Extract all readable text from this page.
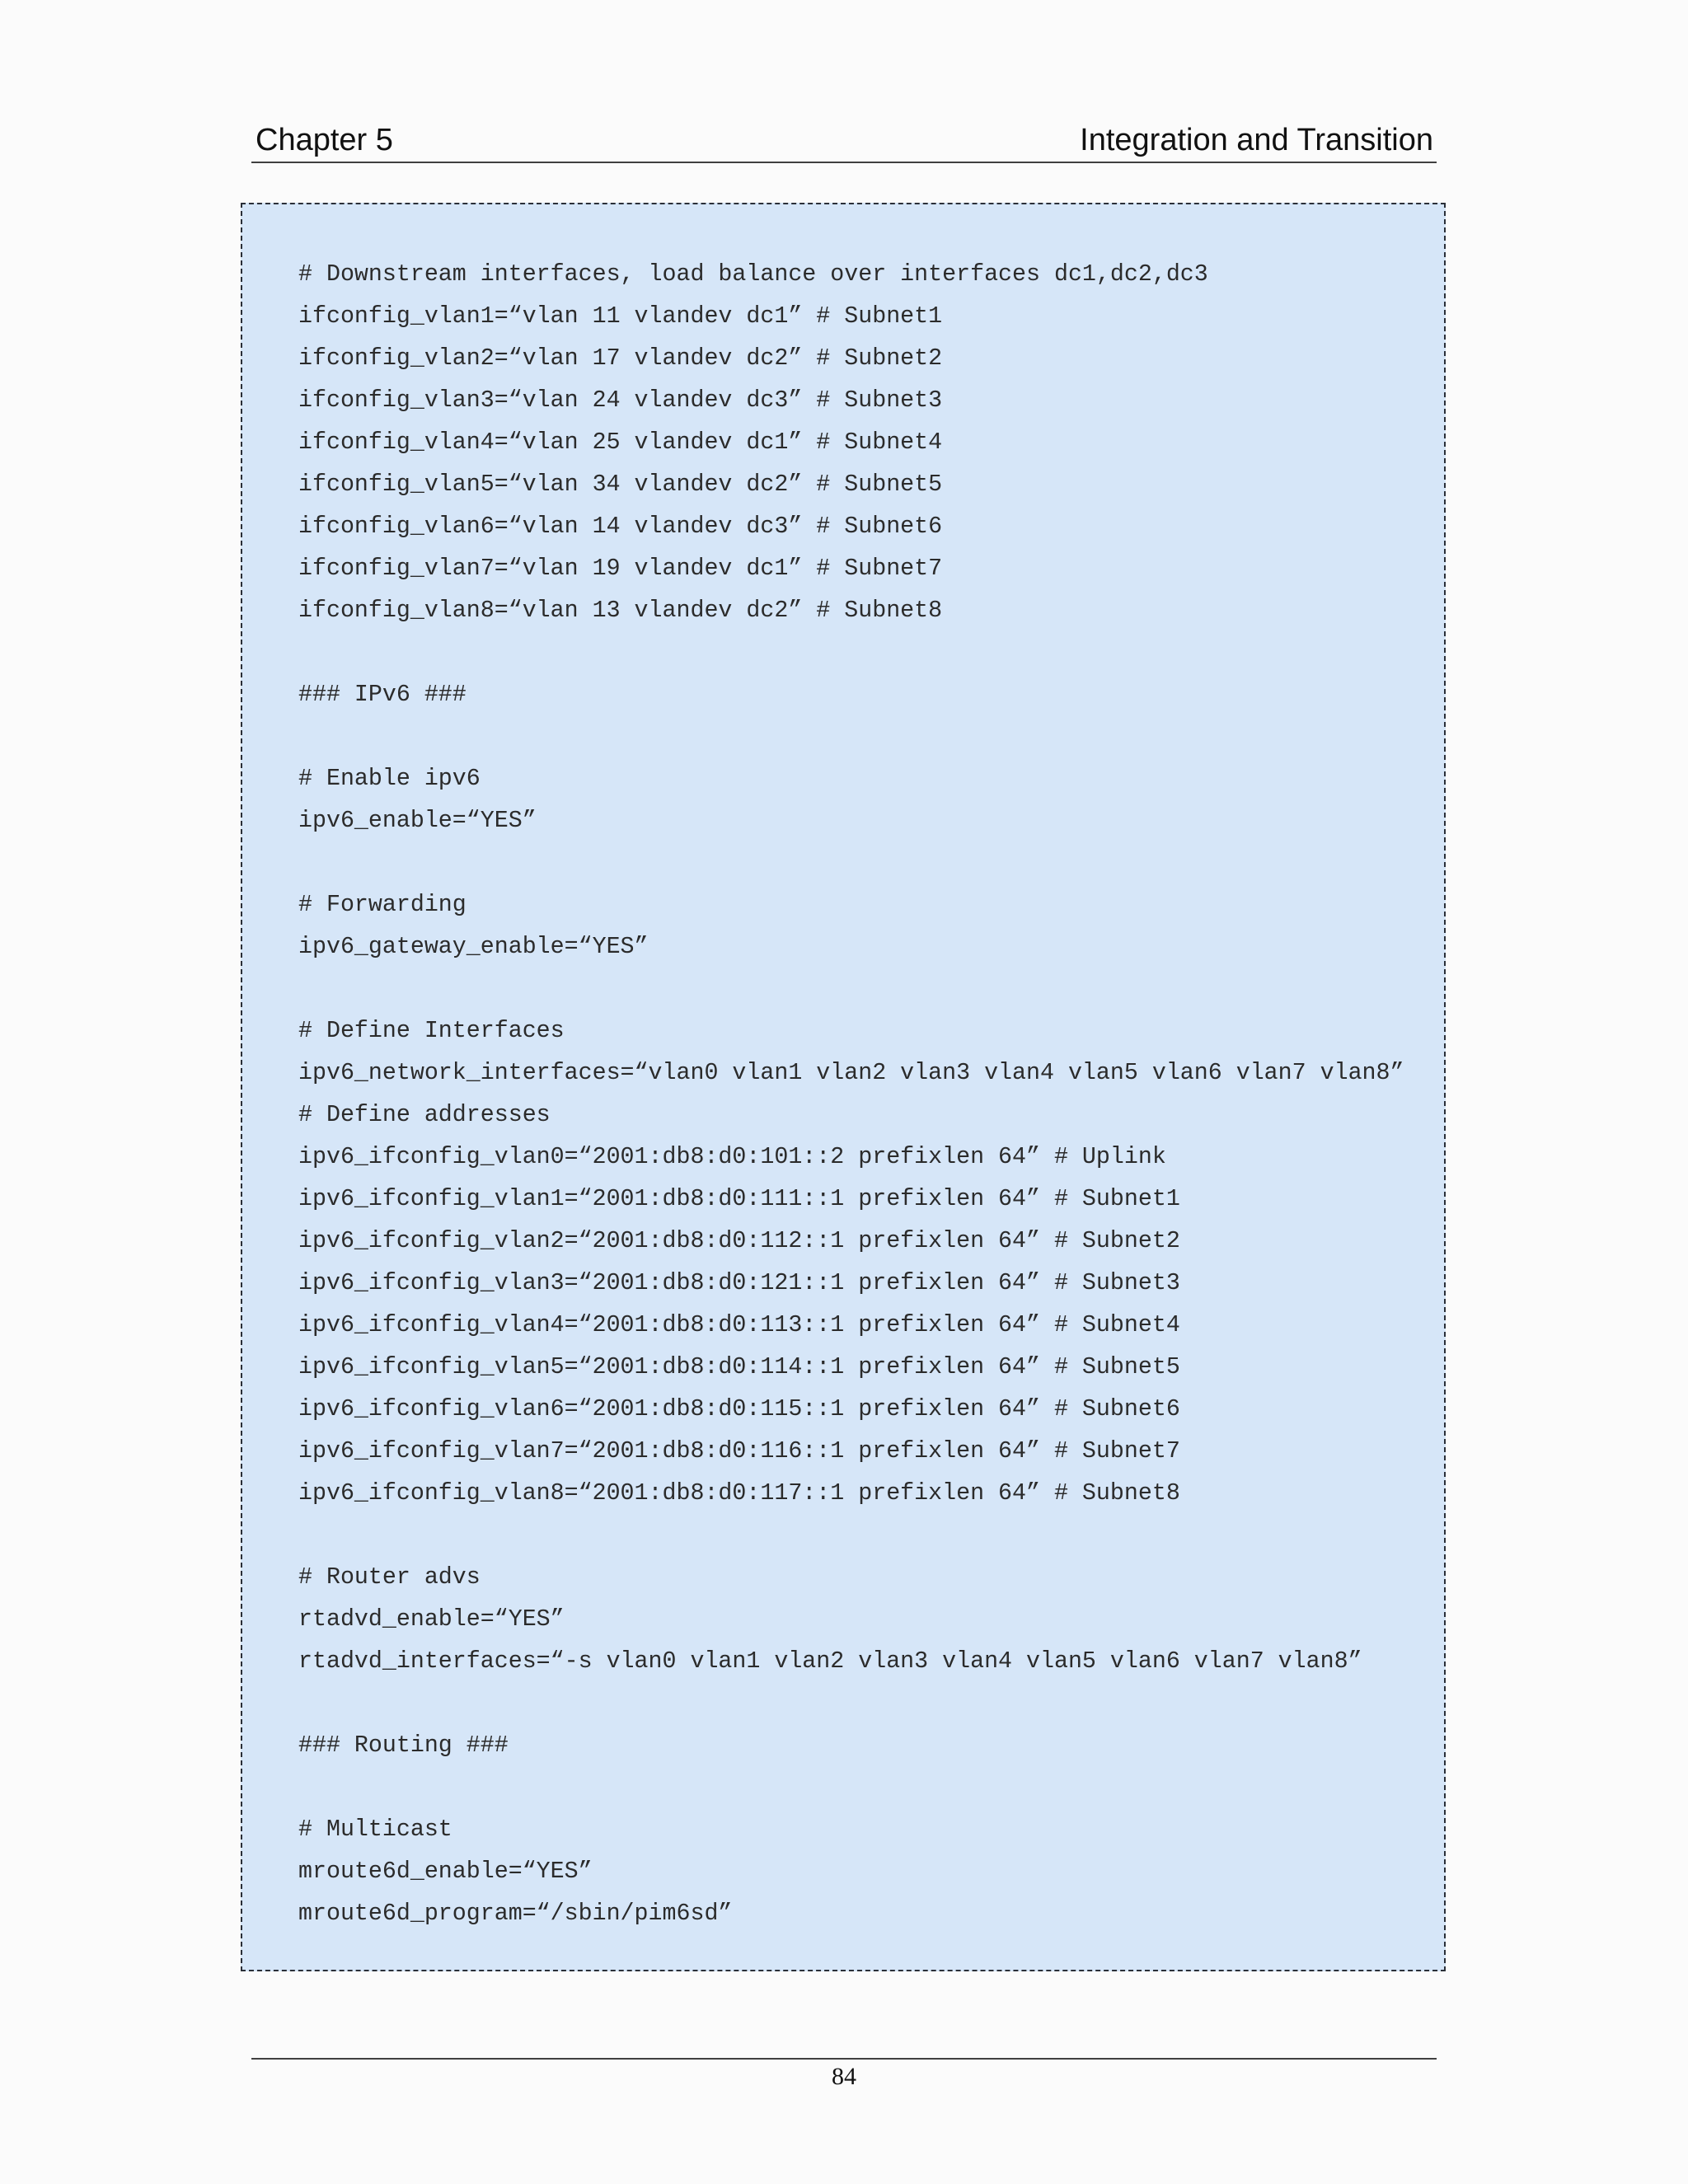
Chapter 5	Integration and Transition
# Downstream interfaces, load balance over interfaces dc1,dc2,dc3
ifconfig_vlan1=“vlan 11 vlandev dc1” # Subnet1
ifconfig_vlan2=“vlan 17 vlandev dc2” # Subnet2
ifconfig_vlan3=“vlan 24 vlandev dc3” # Subnet3
ifconfig_vlan4=“vlan 25 vlandev dc1” # Subnet4
ifconfig_vlan5=“vlan 34 vlandev dc2” # Subnet5
ifconfig_vlan6=“vlan 14 vlandev dc3” # Subnet6
ifconfig_vlan7=“vlan 19 vlandev dc1” # Subnet7
ifconfig_vlan8=“vlan 13 vlandev dc2” # Subnet8
### IPv6 ###
# Enable ipv6
ipv6_enable=“YES”
# Forwarding
ipv6_gateway_enable=“YES”
# Define Interfaces
ipv6_network_interfaces=“vlan0 vlan1 vlan2 vlan3 vlan4 vlan5 vlan6 vlan7 vlan8”
# Define addresses
ipv6_ifconfig_vlan0=“2001:db8:d0:101::2 prefixlen 64” # Uplink
ipv6_ifconfig_vlan1=“2001:db8:d0:111::1 prefixlen 64” # Subnet1
ipv6_ifconfig_vlan2=“2001:db8:d0:112::1 prefixlen 64” # Subnet2
ipv6_ifconfig_vlan3=“2001:db8:d0:121::1 prefixlen 64” # Subnet3
ipv6_ifconfig_vlan4=“2001:db8:d0:113::1 prefixlen 64” # Subnet4
ipv6_ifconfig_vlan5=“2001:db8:d0:114::1 prefixlen 64” # Subnet5
ipv6_ifconfig_vlan6=“2001:db8:d0:115::1 prefixlen 64” # Subnet6
ipv6_ifconfig_vlan7=“2001:db8:d0:116::1 prefixlen 64” # Subnet7
ipv6_ifconfig_vlan8=“2001:db8:d0:117::1 prefixlen 64” # Subnet8
# Router advs
rtadvd_enable=“YES”
rtadvd_interfaces=“-s vlan0 vlan1 vlan2 vlan3 vlan4 vlan5 vlan6 vlan7 vlan8”
### Routing ###
# Multicast
mroute6d_enable=“YES”
mroute6d_program=“/sbin/pim6sd”
84
